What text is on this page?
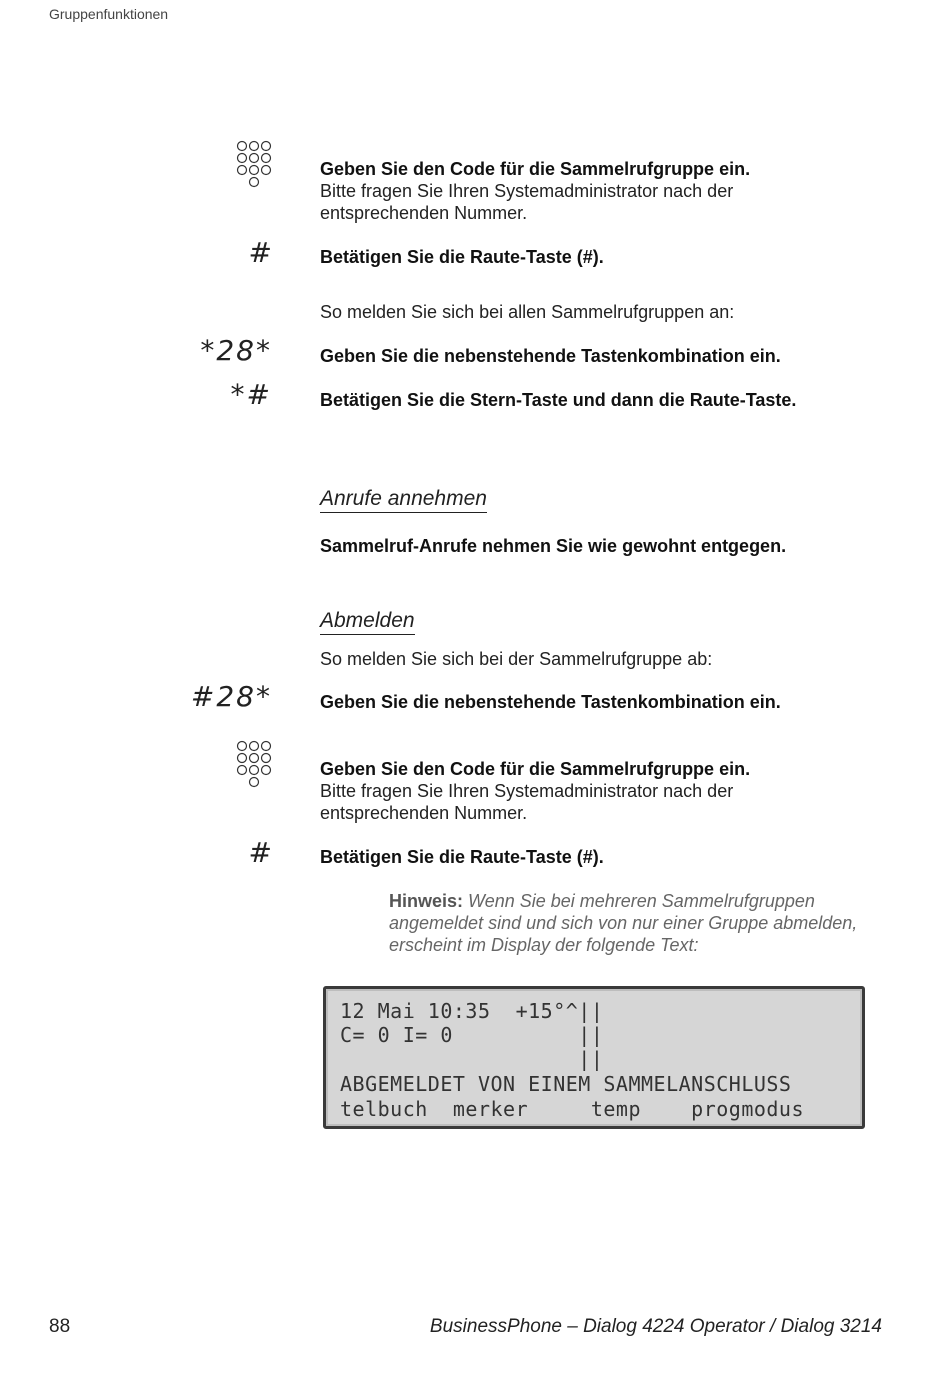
Gruppenfunktionen
Geben Sie den Code für die Sammelrufgruppe ein.
Bitte fragen Sie Ihren Systemadministrator nach der
entsprechenden Nummer.
#	Betätigen Sie die Raute-Taste (#).
So melden Sie sich bei allen Sammelrufgruppen an:
*28*	Geben Sie die nebenstehende Tastenkombination ein.
*#	Betätigen Sie die Stern-Taste und dann die Raute-Taste.
Anrufe annehmen
Sammelruf-Anrufe nehmen Sie wie gewohnt entgegen.
Abmelden
So melden Sie sich bei der Sammelrufgruppe ab:
#28*	Geben Sie die nebenstehende Tastenkombination ein.
Geben Sie den Code für die Sammelrufgruppe ein.
Bitte fragen Sie Ihren Systemadministrator nach der
entsprechenden Nummer.
#	Betätigen Sie die Raute-Taste (#).
Hinweis: Wenn Sie bei mehreren Sammelrufgruppen angemeldet sind und sich von nur einer Gruppe abmelden, erscheint im Display der folgende Text:
12 Mai 10:35  +15°^||
C= 0 I= 0          ||
||
ABGEMELDET VON EINEM SAMMELANSCHLUSS
telbuch  merker     temp    progmodus
88	BusinessPhone – Dialog 4224 Operator / Dialog 3214
